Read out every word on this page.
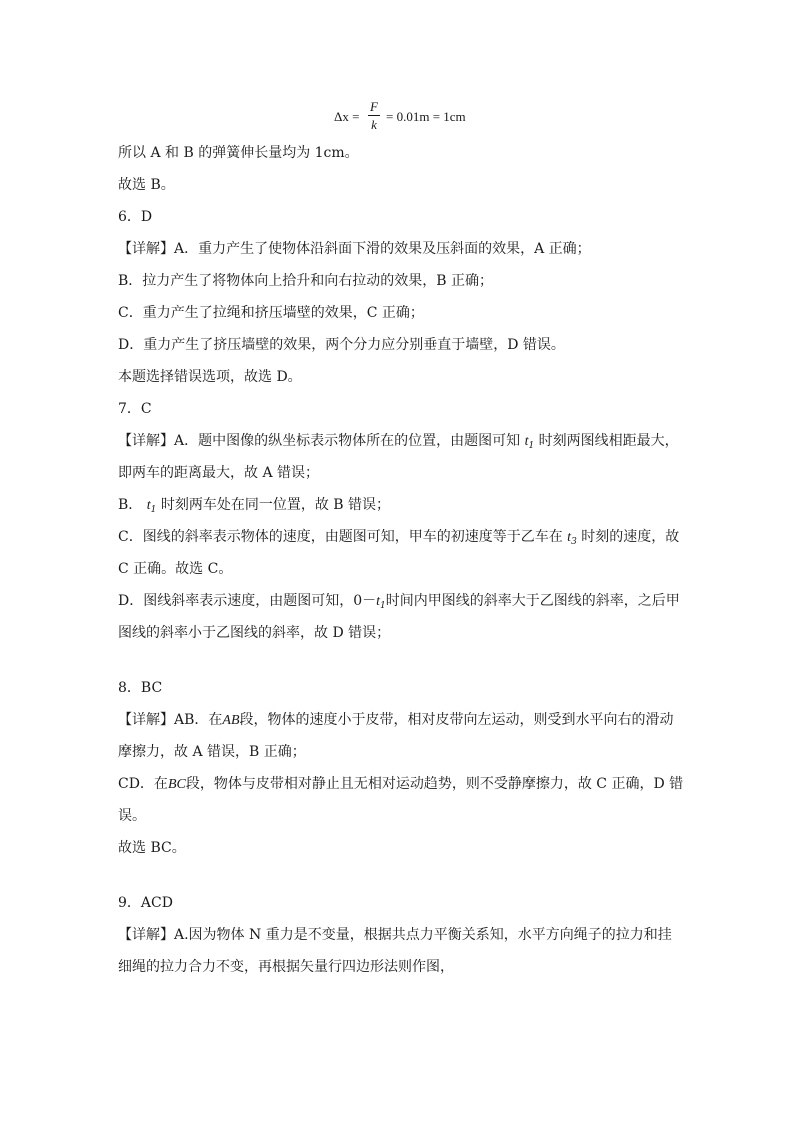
Δx =
F
k
= 0.01m = 1cm
所以 A 和 B 的弹簧伸长量均为 1cm。
故选 B。
6．D
【详解】A．重力产生了使物体沿斜面下滑的效果及压斜面的效果，A 正确；
B．拉力产生了将物体向上拾升和向右拉动的效果，B 正确；
C．重力产生了拉绳和挤压墙壁的效果，C 正确；
D．重力产生了挤压墙壁的效果，两个分力应分别垂直于墙壁，D 错误。
本题选择错误选项，故选 D。
7．C
【详解】A．题中图像的纵坐标表示物体所在的位置，由题图可知 $t_1$ 时刻两图线相距最大，
即两车的距离最大，故 A 错误；
B． $t_1$ 时刻两车处在同一位置，故 B 错误；
C．图线的斜率表示物体的速度，由题图可知，甲车的初速度等于乙车在 $t_3$ 时刻的速度，故
C 正确。故选 C。
D．图线斜率表示速度，由题图可知，$0-t_1$时间内甲图线的斜率大于乙图线的斜率，之后甲
图线的斜率小于乙图线的斜率，故 D 错误；
8．BC
【详解】AB．在AB段，物体的速度小于皮带，相对皮带向左运动，则受到水平向右的滑动
摩擦力，故 A 错误，B 正确；
CD．在BC段，物体与皮带相对静止且无相对运动趋势，则不受静摩擦力，故 C 正确，D 错
误。
故选 BC。
9．ACD
【详解】A.因为物体 N 重力是不变量，根据共点力平衡关系知，水平方向绳子的拉力和挂
细绳的拉力合力不变，再根据矢量行四边形法则作图，
